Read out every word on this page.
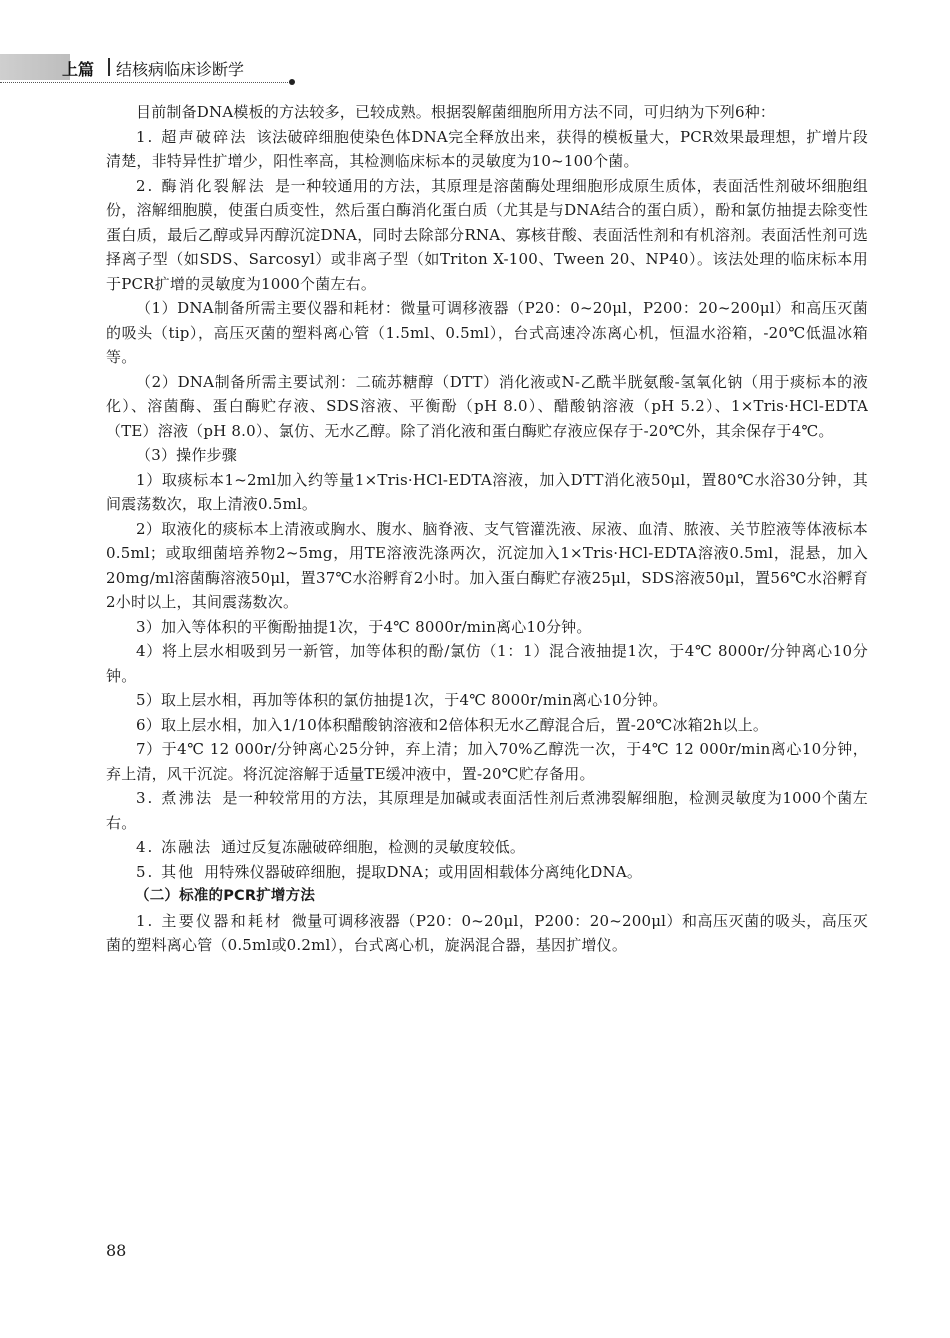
上篇 结核病临床诊断学

目前制备DNA模板的方法较多，已较成熟。根据裂解菌细胞所用方法不同，可归纳为下列6种：

1. 超声破碎法 该法破碎细胞使染色体DNA完全释放出来，获得的模板量大，PCR效果最理想，扩增片段清楚，非特异性扩增少，阳性率高，其检测临床标本的灵敏度为10~100个菌。

2. 酶消化裂解法 是一种较通用的方法，其原理是溶菌酶处理细胞形成原生质体，表面活性剂破坏细胞组份，溶解细胞膜，使蛋白质变性，然后蛋白酶消化蛋白质（尤其是与DNA结合的蛋白质），酚和氯仿抽提去除变性蛋白质，最后乙醇或异丙醇沉淀DNA，同时去除部分RNA、寡核苷酸、表面活性剂和有机溶剂。表面活性剂可选择离子型（如SDS、Sarcosyl）或非离子型（如Triton X-100、Tween 20、NP40）。该法处理的临床标本用于PCR扩增的灵敏度为1000个菌左右。

（1）DNA制备所需主要仪器和耗材：微量可调移液器（P20：0~20μl，P200：20~200μl）和高压灭菌的吸头（tip），高压灭菌的塑料离心管（1.5ml、0.5ml），台式高速冷冻离心机，恒温水浴箱，-20℃低温冰箱等。

（2）DNA制备所需主要试剂：二硫苏糖醇（DTT）消化液或N-乙酰半胱氨酸-氢氧化钠（用于痰标本的液化）、溶菌酶、蛋白酶贮存液、SDS溶液、平衡酚（pH 8.0）、醋酸钠溶液（pH 5.2）、1×Tris·HCl-EDTA（TE）溶液（pH 8.0）、氯仿、无水乙醇。除了消化液和蛋白酶贮存液应保存于-20℃外，其余保存于4℃。

（3）操作步骤

1）取痰标本1~2ml加入约等量1×Tris·HCl-EDTA溶液，加入DTT消化液50μl，置80℃水浴30分钟，其间震荡数次，取上清液0.5ml。

2）取液化的痰标本上清液或胸水、腹水、脑脊液、支气管灌洗液、尿液、血清、脓液、关节腔液等体液标本0.5ml；或取细菌培养物2~5mg，用TE溶液洗涤两次，沉淀加入1×Tris·HCl-EDTA溶液0.5ml，混悬，加入20mg/ml溶菌酶溶液50μl，置37℃水浴孵育2小时。加入蛋白酶贮存液25μl，SDS溶液50μl，置56℃水浴孵育2小时以上，其间震荡数次。

3）加入等体积的平衡酚抽提1次，于4℃ 8000r/min离心10分钟。

4）将上层水相吸到另一新管，加等体积的酚/氯仿（1：1）混合液抽提1次，于4℃ 8000r/分钟离心10分钟。

5）取上层水相，再加等体积的氯仿抽提1次，于4℃ 8000r/min离心10分钟。

6）取上层水相，加入1/10体积醋酸钠溶液和2倍体积无水乙醇混合后，置-20℃冰箱2h以上。

7）于4℃ 12 000r/分钟离心25分钟，弃上清；加入70%乙醇洗一次，于4℃ 12 000r/min离心10分钟，弃上清，风干沉淀。将沉淀溶解于适量TE缓冲液中，置-20℃贮存备用。

3. 煮沸法 是一种较常用的方法，其原理是加碱或表面活性剂后煮沸裂解细胞，检测灵敏度为1000个菌左右。

4. 冻融法 通过反复冻融破碎细胞，检测的灵敏度较低。

5. 其他 用特殊仪器破碎细胞，提取DNA；或用固相载体分离纯化DNA。

（二）标准的PCR扩增方法

1. 主要仪器和耗材 微量可调移液器（P20：0~20μl，P200：20~200μl）和高压灭菌的吸头，高压灭菌的塑料离心管（0.5ml或0.2ml），台式离心机，旋涡混合器，基因扩增仪。

88
